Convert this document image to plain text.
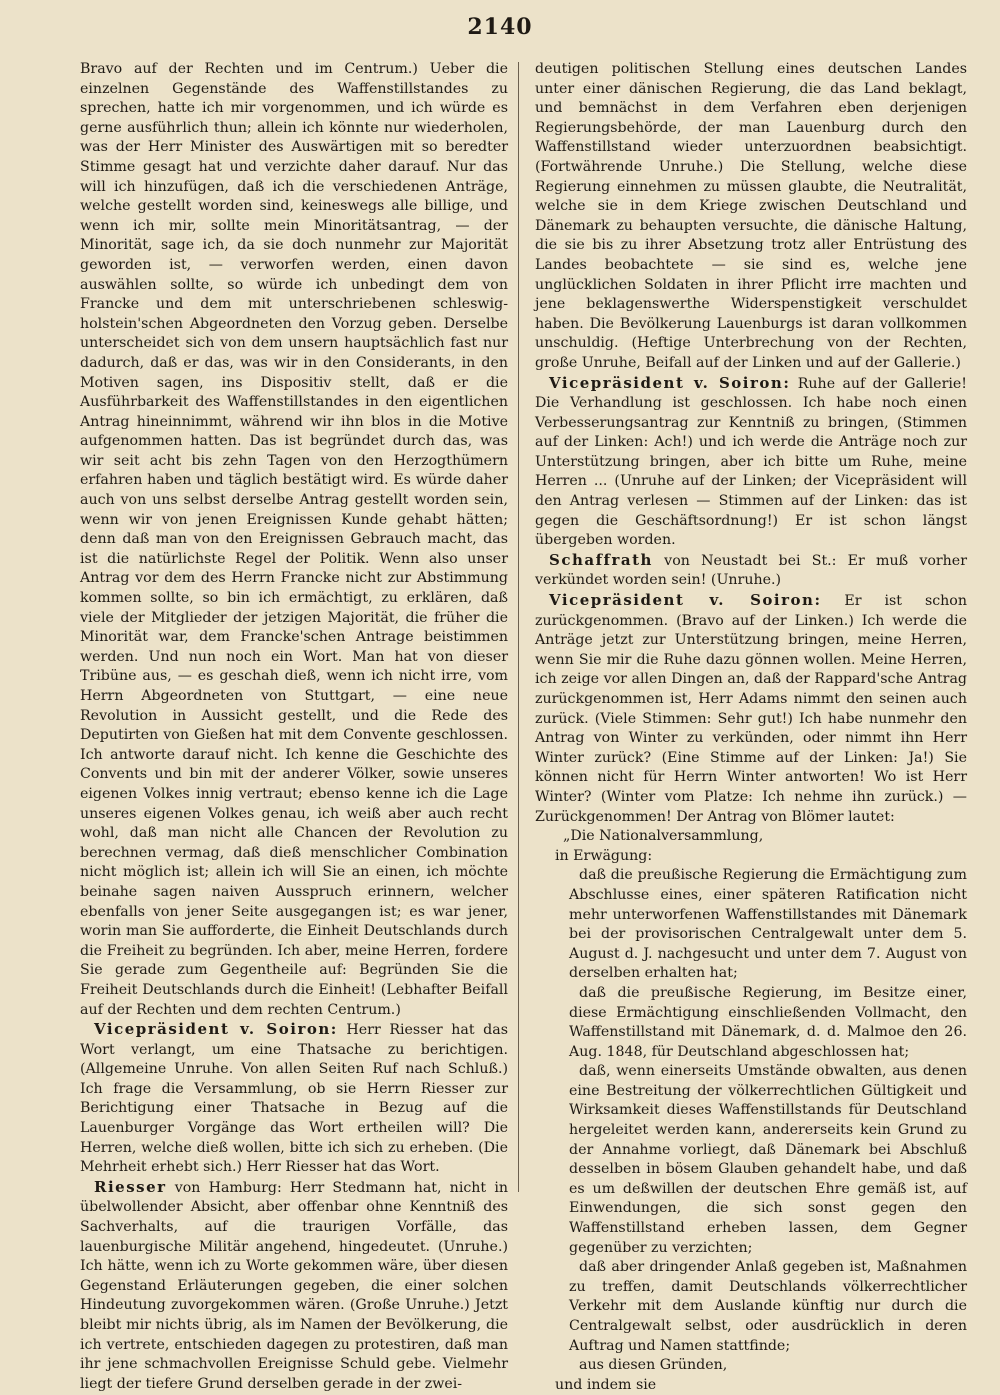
2140

Bravo auf der Rechten und im Centrum.) Ueber die einzelnen Gegenstände des Waffenstillstandes zu sprechen, hatte ich mir vorgenommen, und ich würde es gerne ausführlich thun; allein ich könnte nur wiederholen, was der Herr Minister des Auswärtigen mit so beredter Stimme gesagt hat und verzichte daher darauf. Nur das will ich hinzufügen, daß ich die verschiedenen Anträge, welche gestellt worden sind, keineswegs alle billige, und wenn ich mir, sollte mein Minoritätsantrag, — der Minorität, sage ich, da sie doch nunmehr zur Majorität geworden ist, — verworfen werden, einen davon auswählen sollte, so würde ich unbedingt dem von Francke und dem mit unterschriebenen schleswig-holstein'schen Abgeordneten den Vorzug geben. Derselbe unterscheidet sich von dem unsern hauptsächlich fast nur dadurch, daß er das, was wir in den Considerants, in den Motiven sagen, ins Dispositiv stellt, daß er die Ausführbarkeit des Waffenstillstandes in den eigentlichen Antrag hineinnimmt, während wir ihn blos in die Motive aufgenommen hatten. Das ist begründet durch das, was wir seit acht bis zehn Tagen von den Herzogthümern erfahren haben und täglich bestätigt wird. Es würde daher auch von uns selbst derselbe Antrag gestellt worden sein, wenn wir von jenen Ereignissen Kunde gehabt hätten; denn daß man von den Ereignissen Gebrauch macht, das ist die natürlichste Regel der Politik. Wenn also unser Antrag vor dem des Herrn Francke nicht zur Abstimmung kommen sollte, so bin ich ermächtigt, zu erklären, daß viele der Mitglieder der jetzigen Majorität, die früher die Minorität war, dem Francke'schen Antrage beistimmen werden. Und nun noch ein Wort. Man hat von dieser Tribüne aus, — es geschah dieß, wenn ich nicht irre, vom Herrn Abgeordneten von Stuttgart, — eine neue Revolution in Aussicht gestellt, und die Rede des Deputirten von Gießen hat mit dem Convente geschlossen. Ich antworte darauf nicht. Ich kenne die Geschichte des Convents und bin mit der anderer Völker, sowie unseres eigenen Volkes innig vertraut; ebenso kenne ich die Lage unseres eigenen Volkes genau, ich weiß aber auch recht wohl, daß man nicht alle Chancen der Revolution zu berechnen vermag, daß dieß menschlicher Combination nicht möglich ist; allein ich will Sie an einen, ich möchte beinahe sagen naiven Ausspruch erinnern, welcher ebenfalls von jener Seite ausgegangen ist; es war jener, worin man Sie aufforderte, die Einheit Deutschlands durch die Freiheit zu begründen. Ich aber, meine Herren, fordere Sie gerade zum Gegentheile auf: Begründen Sie die Freiheit Deutschlands durch die Einheit! (Lebhafter Beifall auf der Rechten und dem rechten Centrum.)

Vicepräsident v. Soiron: Herr Riesser hat das Wort verlangt, um eine Thatsache zu berichtigen. (Allgemeine Unruhe. Von allen Seiten Ruf nach Schluß.) Ich frage die Versammlung, ob sie Herrn Riesser zur Berichtigung einer Thatsache in Bezug auf die Lauenburger Vorgänge das Wort ertheilen will? Die Herren, welche dieß wollen, bitte ich sich zu erheben. (Die Mehrheit erhebt sich.) Herr Riesser hat das Wort.

Riesser von Hamburg: Herr Stedmann hat, nicht in übelwollender Absicht, aber offenbar ohne Kenntniß des Sachverhalts, auf die traurigen Vorfälle, das lauenburgische Militär angehend, hingedeutet. (Unruhe.) Ich hätte, wenn ich zu Worte gekommen wäre, über diesen Gegenstand Erläuterungen gegeben, die einer solchen Hindeutung zuvorgekommen wären. (Große Unruhe.) Jetzt bleibt mir nichts übrig, als im Namen der Bevölkerung, die ich vertrete, entschieden dagegen zu protestiren, daß man ihr jene schmachvollen Ereignisse Schuld gebe. Vielmehr liegt der tiefere Grund derselben gerade in der zwei-

deutigen politischen Stellung eines deutschen Landes unter einer dänischen Regierung, die das Land beklagt, und bemnächst in dem Verfahren eben derjenigen Regierungsbehörde, der man Lauenburg durch den Waffenstillstand wieder unterzuordnen beabsichtigt. (Fortwährende Unruhe.) Die Stellung, welche diese Regierung einnehmen zu müssen glaubte, die Neutralität, welche sie in dem Kriege zwischen Deutschland und Dänemark zu behaupten versuchte, die dänische Haltung, die sie bis zu ihrer Absetzung trotz aller Entrüstung des Landes beobachtete — sie sind es, welche jene unglücklichen Soldaten in ihrer Pflicht irre machten und jene beklagenswerthe Widerspenstigkeit verschuldet haben. Die Bevölkerung Lauenburgs ist daran vollkommen unschuldig. (Heftige Unterbrechung von der Rechten, große Unruhe, Beifall auf der Linken und auf der Gallerie.)

Vicepräsident v. Soiron: Ruhe auf der Gallerie! Die Verhandlung ist geschlossen. Ich habe noch einen Verbesserungsantrag zur Kenntniß zu bringen, (Stimmen auf der Linken: Ach!) und ich werde die Anträge noch zur Unterstützung bringen, aber ich bitte um Ruhe, meine Herren ... (Unruhe auf der Linken; der Vicepräsident will den Antrag verlesen — Stimmen auf der Linken: das ist gegen die Geschäftsordnung!) Er ist schon längst übergeben worden.

Schaffrath von Neustadt bei St.: Er muß vorher verkündet worden sein! (Unruhe.)

Vicepräsident v. Soiron: Er ist schon zurückgenommen. (Bravo auf der Linken.) Ich werde die Anträge jetzt zur Unterstützung bringen, meine Herren, wenn Sie mir die Ruhe dazu gönnen wollen. Meine Herren, ich zeige vor allen Dingen an, daß der Rappard'sche Antrag zurückgenommen ist, Herr Adams nimmt den seinen auch zurück. (Viele Stimmen: Sehr gut!) Ich habe nunmehr den Antrag von Winter zu verkünden, oder nimmt ihn Herr Winter zurück? (Eine Stimme auf der Linken: Ja!) Sie können nicht für Herrn Winter antworten! Wo ist Herr Winter? (Winter vom Platze: Ich nehme ihn zurück.) — Zurückgenommen! Der Antrag von Blömer lautet:

„Die Nationalversammlung,

in Erwägung:

daß die preußische Regierung die Ermächtigung zum Abschlusse eines, einer späteren Ratification nicht mehr unterworfenen Waffenstillstandes mit Dänemark bei der provisorischen Centralgewalt unter dem 5. August d. J. nachgesucht und unter dem 7. August von derselben erhalten hat;

daß die preußische Regierung, im Besitze einer, diese Ermächtigung einschließenden Vollmacht, den Waffenstillstand mit Dänemark, d. d. Malmoe den 26. Aug. 1848, für Deutschland abgeschlossen hat;

daß, wenn einerseits Umstände obwalten, aus denen eine Bestreitung der völkerrechtlichen Gültigkeit und Wirksamkeit dieses Waffenstillstands für Deutschland hergeleitet werden kann, andererseits kein Grund zu der Annahme vorliegt, daß Dänemark bei Abschluß desselben in bösem Glauben gehandelt habe, und daß es um deßwillen der deutschen Ehre gemäß ist, auf Einwendungen, die sich sonst gegen den Waffenstillstand erheben lassen, dem Gegner gegenüber zu verzichten;

daß aber dringender Anlaß gegeben ist, Maßnahmen zu treffen, damit Deutschlands völkerrechtlicher Verkehr mit dem Auslande künftig nur durch die Centralgewalt selbst, oder ausdrücklich in deren Auftrag und Namen stattfinde;

aus diesen Gründen,

und indem sie
